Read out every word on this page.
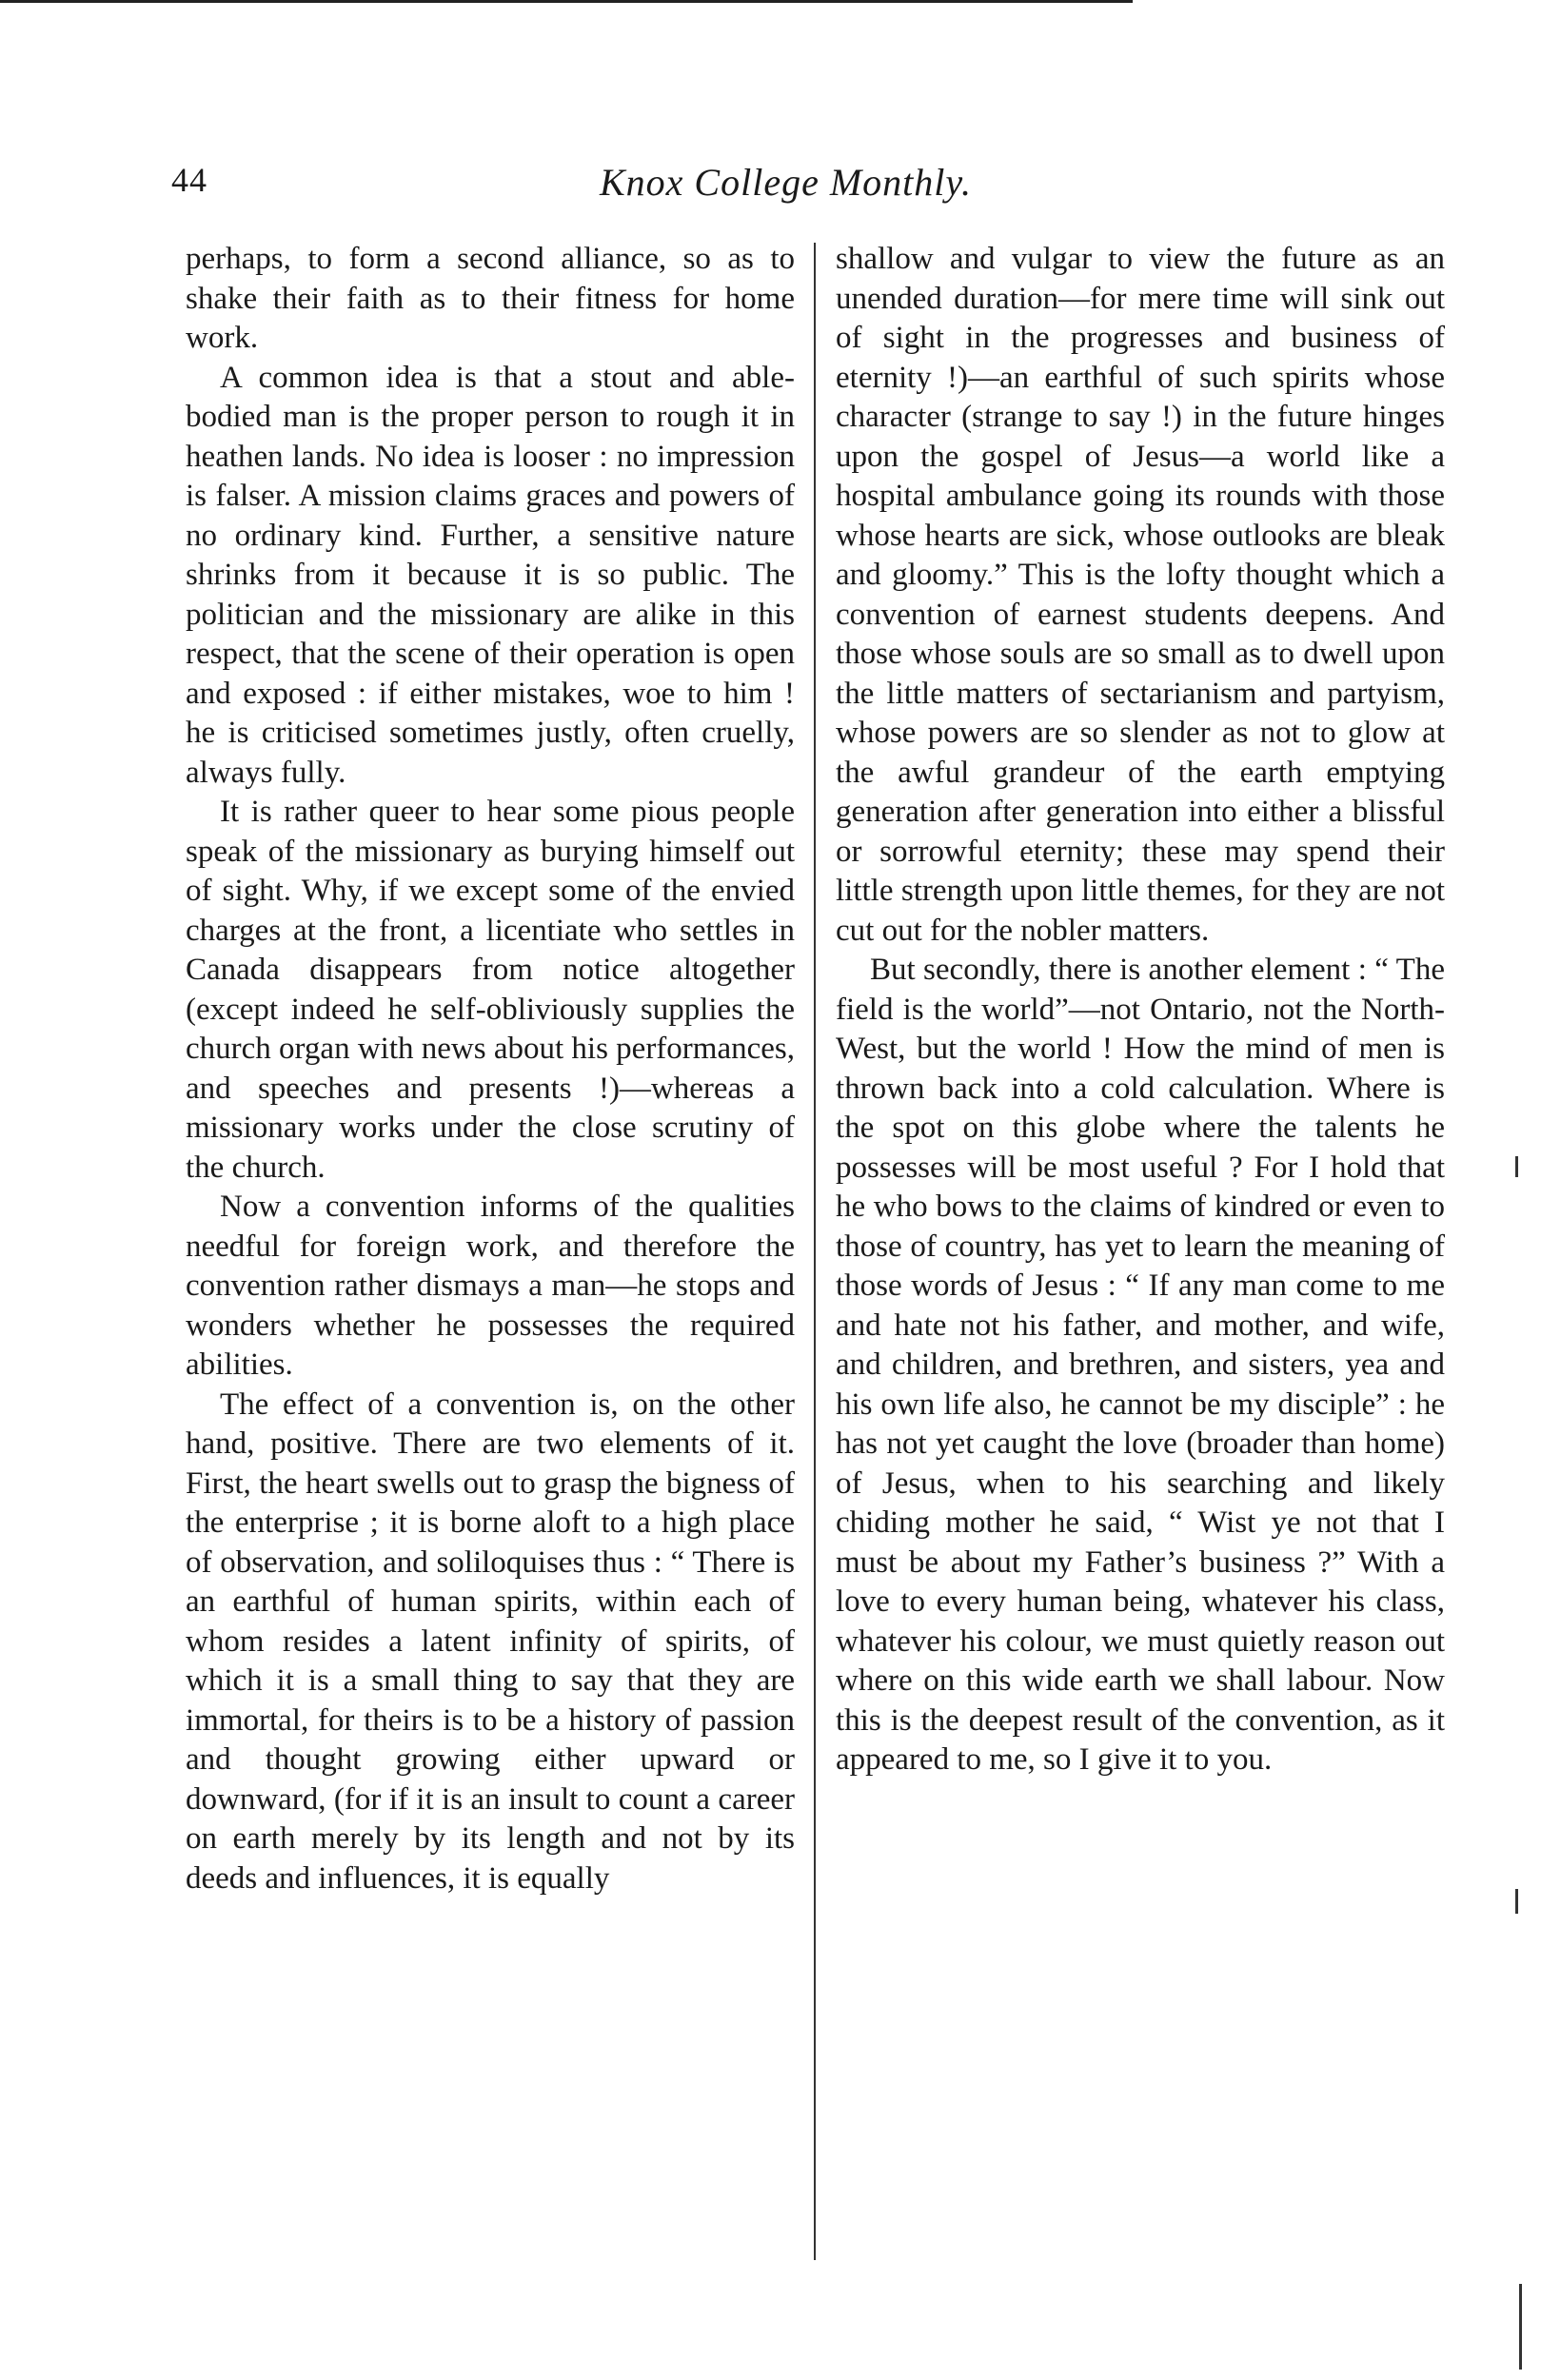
44	Knox College Monthly.

perhaps, to form a second alliance, so as to shake their faith as to their fitness for home work.

A common idea is that a stout and able-bodied man is the proper person to rough it in heathen lands. No idea is looser : no impression is falser. A mission claims graces and powers of no ordinary kind. Further, a sensitive nature shrinks from it because it is so public. The politician and the missionary are alike in this respect, that the scene of their operation is open and exposed : if either mistakes, woe to him ! he is criticised sometimes justly, often cruelly, always fully.

It is rather queer to hear some pious people speak of the missionary as burying himself out of sight. Why, if we except some of the envied charges at the front, a licentiate who settles in Canada disappears from notice altogether (except indeed he self-obliviously supplies the church organ with news about his performances, and speeches and presents !)—whereas a missionary works under the close scrutiny of the church.

Now a convention informs of the qualities needful for foreign work, and therefore the convention rather dismays a man—he stops and wonders whether he possesses the required abilities.

The effect of a convention is, on the other hand, positive. There are two elements of it. First, the heart swells out to grasp the bigness of the enterprise ; it is borne aloft to a high place of observation, and soliloquises thus : “ There is an earthful of human spirits, within each of whom resides a latent infinity of spirits, of which it is a small thing to say that they are immortal, for theirs is to be a history of passion and thought growing either upward or downward, (for if it is an insult to count a career on earth merely by its length and not by its deeds and influences, it is equally

shallow and vulgar to view the future as an unended duration—for mere time will sink out of sight in the progresses and business of eternity !)—an earthful of such spirits whose character (strange to say !) in the future hinges upon the gospel of Jesus—a world like a hospital ambulance going its rounds with those whose hearts are sick, whose outlooks are bleak and gloomy.” This is the lofty thought which a convention of earnest students deepens. And those whose souls are so small as to dwell upon the little matters of sectarianism and partyism, whose powers are so slender as not to glow at the awful grandeur of the earth emptying generation after generation into either a blissful or sorrowful eternity; these may spend their little strength upon little themes, for they are not cut out for the nobler matters.

But secondly, there is another element : “ The field is the world”—not Ontario, not the North-West, but the world ! How the mind of men is thrown back into a cold calculation. Where is the spot on this globe where the talents he possesses will be most useful ? For I hold that he who bows to the claims of kindred or even to those of country, has yet to learn the meaning of those words of Jesus : “ If any man come to me and hate not his father, and mother, and wife, and children, and brethren, and sisters, yea and his own life also, he cannot be my disciple” : he has not yet caught the love (broader than home) of Jesus, when to his searching and likely chiding mother he said, “ Wist ye not that I must be about my Father’s business ?” With a love to every human being, whatever his class, whatever his colour, we must quietly reason out where on this wide earth we shall labour. Now this is the deepest result of the convention, as it appeared to me, so I give it to you.
